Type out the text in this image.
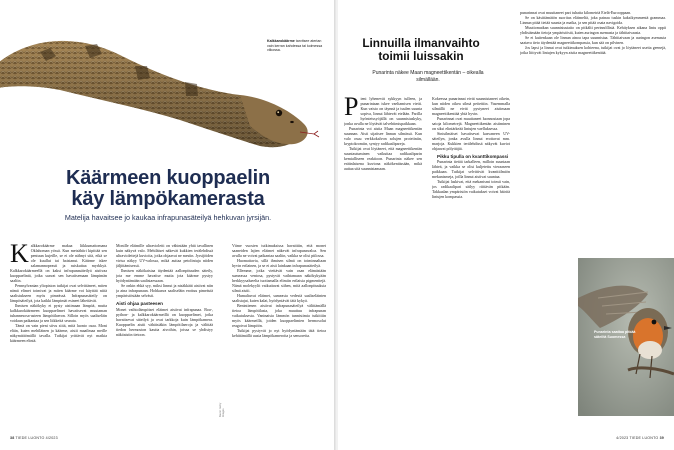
Kalkkarokäärme tarvitsee aterian vain kerran kahdessa tai kolmessa viikossa.
Käärmeen kuoppaelin
käy lämpökamerasta

Matelija havaitsee jo kaukaa infrapunasäteilyä hehkuvan jyrsijän.

Kalkkarokäärme makaa liikkumattomana Oklahoman yössä. Kun metsähiiri kipittää sen pentuun kujeille, se ei ole nähnyt sitä, eikä se ole kuullut tai haistanut. Käärme iskee salamannopeasti ja ruiskuttaa myrkkyä. Kalkkarokäärmeellä on kaksi infrapunasäteilyä aistivaa kuoppaelintä, jotka saavat sen havaitsemaan lämpimän saaliin.

Pennsylvanian yliopiston tutkijat ovat selvittäneet, miten nämä elimet toimivat ja miten käärme voi käyttää niitä saalistukseen myös pimeässä. Infrapunasäteily on lämpösäteilyä, jota kaikki lämpimät esineet lähettävät.

Ihmisen näkökyky ei pysty aistimaan lämpöä, mutta kalkkarokäärmeen kuoppaelimet havaitsevat muutaman tuhannesosa-asteen lämpötilaeron. Silloin myös saaliseläin voidaan paikantaa ja sen liikkeitä seurata.

Tämä on vain pieni siivu siitä, mitä luonto osaa. Moni eläin, kuten mehiläinen ja käärme, aistii maailmaa meille näkymättömällä tavalla. Tutkijat yrittävät nyt matkia käärmeen elintä.

Monille eläimille ultravioletti on vähintään yhtä tavallinen kuin näkyvä valo. Mehiläiset näkevät kukkien terälehdissä ultraviolettejä kuvioita, jotka ohjaavat ne mesiin. Jyrsijöiden virtsa näkyy UV-valossa, mikä auttaa petolintuja niiden jäljittämisessä.

Ihmisen näkökaistaa täydentää aallonpituuden säteily, jota me emme havaitse mutta jota käärme pystyy hyödyntämään saalistaessaan.

Se onkin ehkä syy, miksi linnut ja nisäkkäät aistivat niin ja aina infrapunaan. Hohkaava saaliseläin erottuu pimeästä ympäristöstään selvästi.

Aisti ohjaa pasteesen

Monet vaihtolämpöiset eläimet aistivat infrapunaa. Boa-, python- ja kalkkarokäärmeillä on kuoppaelimet, jotka havaitsevat säteilyä ja ovat tarkkoja kuin lämpökamera. Kuoppaelin aistii vähäisiäkin lämpötilaeroja ja välittää tiedon hermoston kautta aivoihin, joissa se yhdistyy näköaistin tietoon.

Viime vuosien tutkimuksissa havaittiin, että monet saaneiden lajien eläimet näkevät infrapunavaloa. Sen avulla ne voivat paikantaa saaliin, vaikka se olisi piilossa.

Huomattavia, sillä ihmisen silmä on toiminnaltaan hyvin erilainen, ja se ei aisti lainkaan infrapunasäteilyä.

Ellemme, jotka viettävät vain osan elämästään sumeassa ventosa, pystyvät vaihtamaan näkökykyään herkkyysalueelta tuottamalla elimiin erilaisia pigmenttejä. Nämä molekyylit vaikuttavat siihen, mitä aallonpituuksia silmä aistii.

Humaltuvat eläimet, sameasta vedestä saaliseläinten saalistajat, kuten kalat, hyödyntävät tätä kykyä.

Benintienen aistivat infrapunasäteilyä välittämällä tietoa lämpötilasta, joka muuttuu infrapunan vaikutuksesta. Vaninaisia lämmön tunnistimia tutkittiin myös käärmeillä, joiden kuoppaelimien hermosolut reagoivat lämpöön.

Tutkijat pystyvät jo nyt hyödyntämään tätä tietoa kehittämällä uusia lämpökameroita ja sensoreita.

Kuvat: Getty Images
38 TIEDE LUONTO 4/2023
Linnuilla ilmanvaihto
toimii luissakin

Punarinta näkee Maan magneettikentän – oikealla silmällään.

Pieni lyhenevät sykkyyn tulleen, ja punarintaan iskee vaeltamisen vietti. Kun vaisto on täynnä ja tuulen suunta sopiva, linnut lähtevät etelään. Parilla hyönteissyöjällä on suunnistuskyky, jonka avulla ne löytävät talvehtimispaikkaan.

Punarinta voi aistia Maan magneettikentän suunnan. Aisti sijaitsee linnun silmässä. Kun valo osuu verkkokalvon solujen proteiiniin, kryptokromiin, syntyy radikaalipareja.

Tutkijat ovat löytäneet, että magneettikentän suuntautuminen vaikuttaa radikaaliparin kemialliseen reaktioon. Punarinta näkee sen eräänlaisena kuviona näkökentässään, mikä auttaa sitä suunnistamaan.

Kokeessa punarinnat eivät suunnistaneet oikein, kun niiden oikea silmä peitettiin. Vasemmalla silmällä ne eivät pystyneet aistimaan magneettikenttää yhtä hyvin.

Punarinnat ovat muuttaneet luonnostaan jopa satoja kilometrejä. Magneettikentän aistiminen on siksi elintärkeää lintujen vaelluksessa.

Sinisilmäiset havaitsevat kasvaneen UV-säteilyn, jonka avulla linnut erottavat mm. marjoja. Kukkien terälehdissä näkyvät kuviot ohjaavat pölyttäjiä.

Pikku tipulla on kvanttikompassi

Punarinta tietää tarkalleen, milloin suuntaan lähteä, ja vaikka se olisi kuljetettu vieraaseen paikkaan. Tutkijat selvittivät kvanttiilmiön mekanismeja, joilla linnut aistivat suuntaa.

Tutkijat laskivat, että mekanismi toimii vain, jos radikaalipari säilyy riittävän pitkään. Takkaalan ympäristön vaikutukset voivat häiritä lintujen kompassia.

punarinnat ovat muuttaneet pari tuhatta kilometriä Etelä-Eurooppaan.

Se on käsittämätön suoritus eläimeltä, joka painaa tuskin kaksikymmentä grammaa. Linnun pitää tietää suunta ja matka, ja sen pitää osata navigoida.

Muuttomatkan suunnistustaito on pitkälti perinnöllistä. Kehityksen aikana lintu oppii yhdistämään tietoja ympäristöstä, kuten auringon asemasta ja tähtitaivaasta.

Se ei kuitenkaan ole linnun ainoa tapa suunnistaa. Tähtitaivaan ja auringon asemasta saatava tieto täydentää magneettikompassia, kun sää on pilvinen.

Jos lapsi ja linnut ovat tutkimuksen kohteena, tutkijat ovat jo löytäneet useita geenejä, jotka liittyvät lintujen kykyyn aistia magneettikenttää.

Punarinta saattaa pitkää säteiltä Suomessa
4/2023 TIEDE LUONTO 39
